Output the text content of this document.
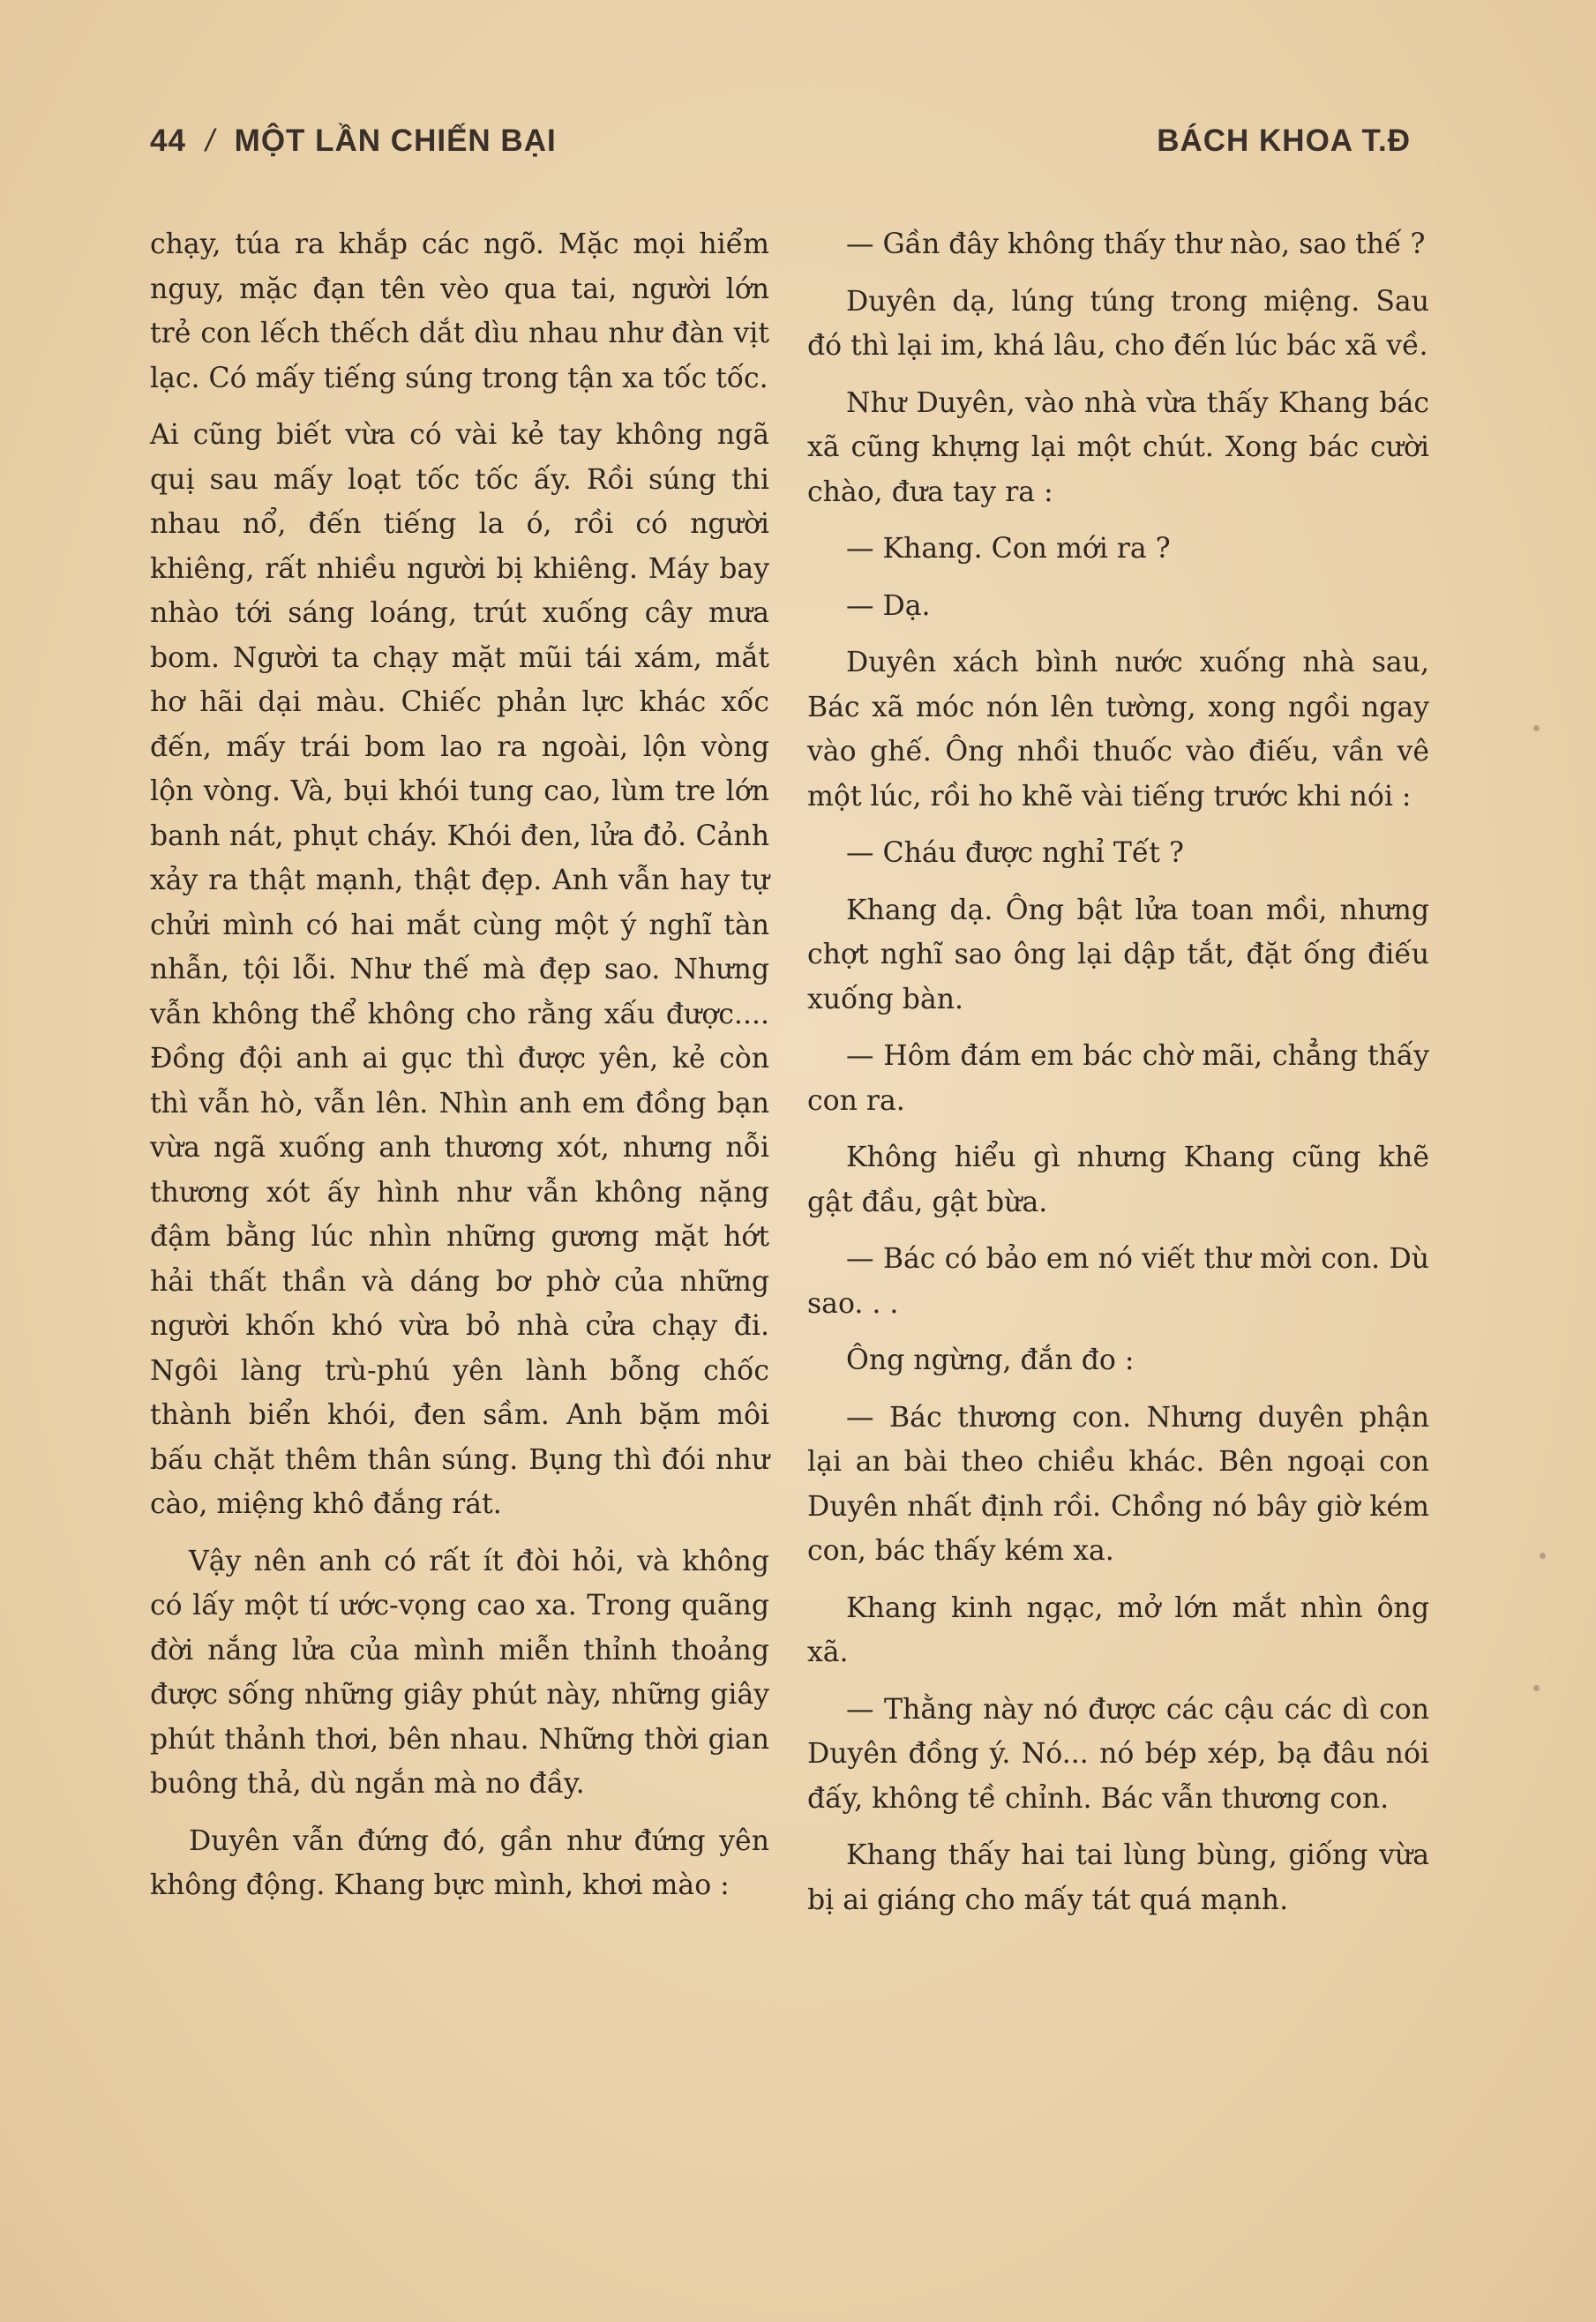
44 / MỘT LẦN CHIẾN BẠI	BÁCH KHOA T.Đ

chạy, túa ra khắp các ngõ. Mặc mọi hiểm nguy, mặc đạn tên vèo qua tai, người lớn trẻ con lếch thếch dắt dìu nhau như đàn vịt lạc. Có mấy tiếng súng trong tận xa tốc tốc.

Ai cũng biết vừa có vài kẻ tay không ngã quị sau mấy loạt tốc tốc ấy. Rồi súng thi nhau nổ, đến tiếng la ó, rồi có người khiêng, rất nhiều người bị khiêng. Máy bay nhào tới sáng loáng, trút xuống cây mưa bom. Người ta chạy mặt mũi tái xám, mắt hơ hãi dại màu. Chiếc phản lực khác xốc đến, mấy trái bom lao ra ngoài, lộn vòng lộn vòng. Và, bụi khói tung cao, lùm tre lớn banh nát, phụt cháy. Khói đen, lửa đỏ. Cảnh xảy ra thật mạnh, thật đẹp. Anh vẫn hay tự chửi mình có hai mắt cùng một ý nghĩ tàn nhẫn, tội lỗi. Như thế mà đẹp sao. Nhưng vẫn không thể không cho rằng xấu được.... Đồng đội anh ai gục thì được yên, kẻ còn thì vẫn hò, vẫn lên. Nhìn anh em đồng bạn vừa ngã xuống anh thương xót, nhưng nỗi thương xót ấy hình như vẫn không nặng đậm bằng lúc nhìn những gương mặt hớt hải thất thần và dáng bơ phờ của những người khốn khó vừa bỏ nhà cửa chạy đi. Ngôi làng trù-phú yên lành bỗng chốc thành biển khói, đen sầm. Anh bặm môi bấu chặt thêm thân súng. Bụng thì đói như cào, miệng khô đắng rát.

Vậy nên anh có rất ít đòi hỏi, và không có lấy một tí ước-vọng cao xa. Trong quãng đời nắng lửa của mình miễn thỉnh thoảng được sống những giây phút này, những giây phút thảnh thơi, bên nhau. Những thời gian buông thả, dù ngắn mà no đầy.

Duyên vẫn đứng đó, gần như đứng yên không động. Khang bực mình, khơi mào :

— Gần đây không thấy thư nào, sao thế ?

Duyên dạ, lúng túng trong miệng. Sau đó thì lại im, khá lâu, cho đến lúc bác xã về.

Như Duyên, vào nhà vừa thấy Khang bác xã cũng khựng lại một chút. Xong bác cười chào, đưa tay ra :

— Khang. Con mới ra ?

— Dạ.

Duyên xách bình nước xuống nhà sau, Bác xã móc nón lên tường, xong ngồi ngay vào ghế. Ông nhồi thuốc vào điếu, vần vê một lúc, rồi ho khẽ vài tiếng trước khi nói :

— Cháu được nghỉ Tết ?

Khang dạ. Ông bật lửa toan mồi, nhưng chợt nghĩ sao ông lại dập tắt, đặt ống điếu xuống bàn.

— Hôm đám em bác chờ mãi, chẳng thấy con ra.

Không hiểu gì nhưng Khang cũng khẽ gật đầu, gật bừa.

— Bác có bảo em nó viết thư mời con. Dù sao. . .

Ông ngừng, đắn đo :

— Bác thương con. Nhưng duyên phận lại an bài theo chiều khác. Bên ngoại con Duyên nhất định rồi. Chồng nó bây giờ kém con, bác thấy kém xa.

Khang kinh ngạc, mở lớn mắt nhìn ông xã.

— Thằng này nó được các cậu các dì con Duyên đồng ý. Nó... nó bép xép, bạ đâu nói đấy, không tề chỉnh. Bác vẫn thương con.

Khang thấy hai tai lùng bùng, giống vừa bị ai giáng cho mấy tát quá mạnh.
